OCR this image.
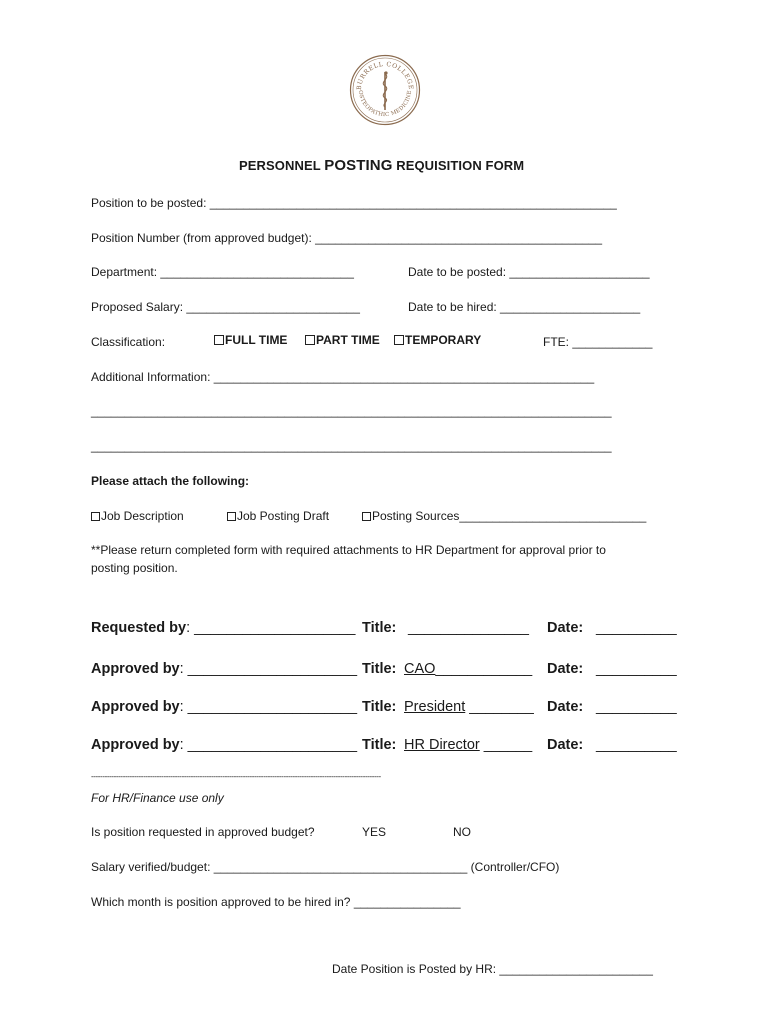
BURRELL COLLEGE
OSTEOPATHIC MEDICINE
PERSONNEL POSTING REQUISITION FORM
Position to be posted: _____________________________________________________________
Position Number (from approved budget): ___________________________________________
Department: _____________________________	Date to be posted: _____________________
Proposed Salary: __________________________	Date to be hired: _____________________
Classification:	FULL TIME	PART TIME	TEMPORARY	FTE: ____________
Additional Information: _________________________________________________________
______________________________________________________________________________
______________________________________________________________________________
Please attach the following:
Job Description	Job Posting Draft	Posting Sources____________________________
**Please return completed form with required attachments to HR Department for approval prior to
posting position.
Requested by: ____________________ Title: _______________ Date: __________
Approved by: _____________________ Title: CAO____________ Date: __________
Approved by: _____________________ Title: President ________ Date: __________
Approved by: _____________________ Title: HR Director ______ Date: __________
--------------------------------------------------------------------------------------------------------------------------------
For HR/Finance use only
Is position requested in approved budget?	YES	NO
Salary verified/budget: ______________________________________ (Controller/CFO)
Which month is position approved to be hired in? ________________
Date Position is Posted by HR: _______________________
